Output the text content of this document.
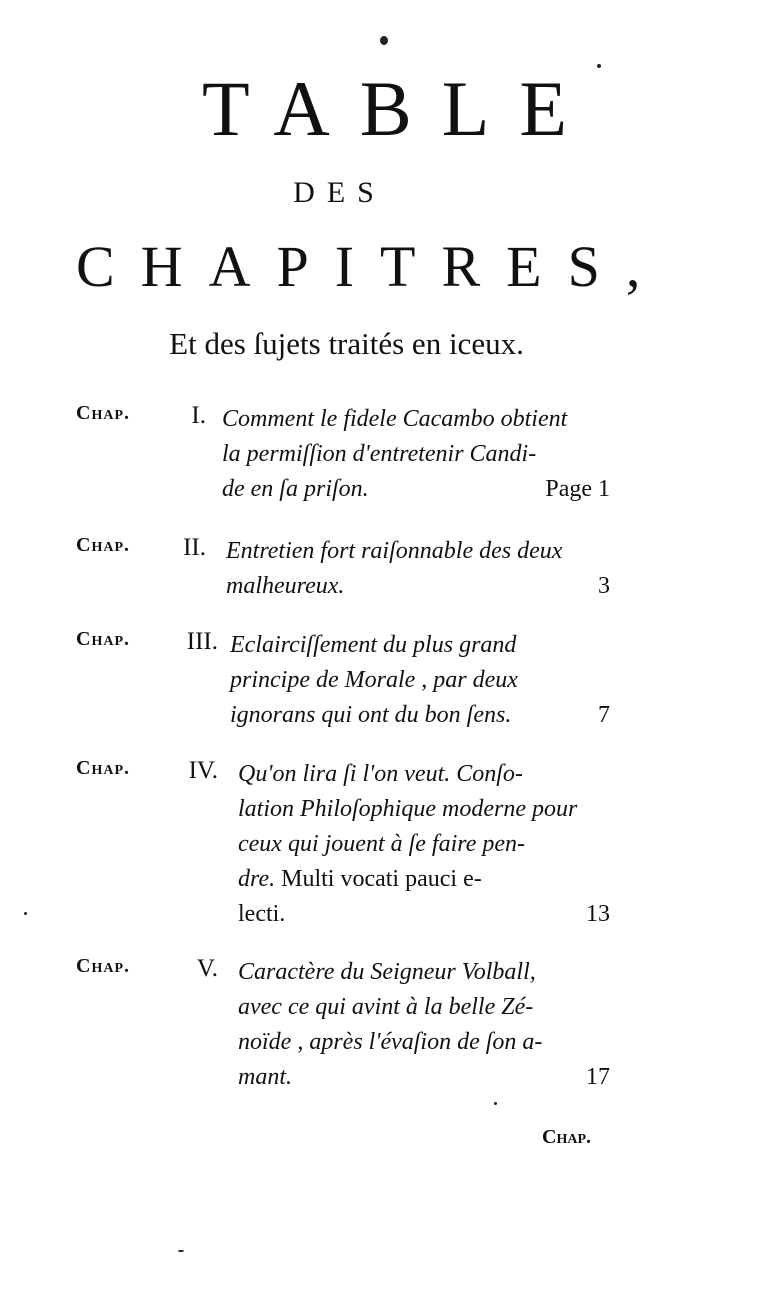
TABLE
DES
CHAPITRES,
Et des ſujets traités en iceux.
Chap.	I. Comment le fidele Cacambo obtient
la permiſſion d'entretenir Candi-
de en ſa priſon.	Page 1
Chap.	II. Entretien fort raiſonnable des deux
malheureux.	3
Chap.	III. Eclairciſſement du plus grand
principe de Morale , par deux
ignorans qui ont du bon ſens.	7
Chap.	IV. Qu'on lira ſi l'on veut. Conſo-
lation Philoſophique moderne pour
ceux qui jouent à ſe faire pen-
dre. Multi vocati pauci e-
lecti.	13
Chap.	V. Caractère du Seigneur Volball,
avec ce qui avint à la belle Zé-
noïde , après l'évaſion de ſon a-
mant.	17
Chap.
